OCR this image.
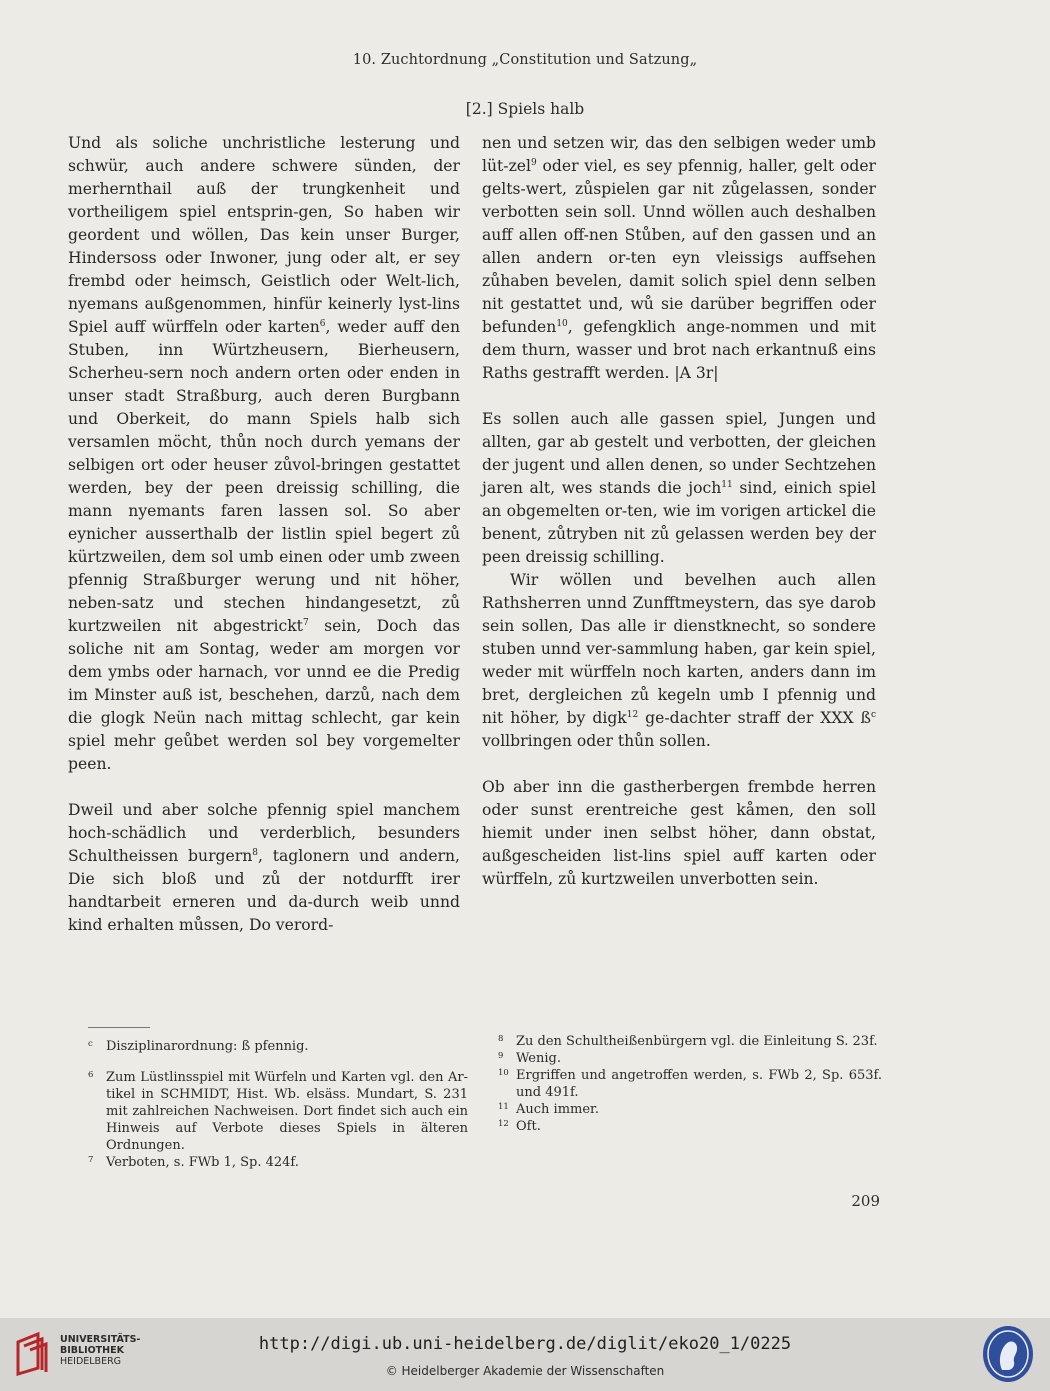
10. Zuchtordnung „Constitution und Satzung„
[2.] Spiels halb

Und als soliche unchristliche lesterung und schwür, auch andere schwere sünden, der merhernthail auß der trungkenheit und vortheiligem spiel entsprin-gen, So haben wir geordent und wöllen, Das kein unser Burger, Hindersoss oder Inwoner, jung oder alt, er sey frembd oder heimsch, Geistlich oder Welt-lich, nyemans außgenommen, hinfür keinerly lyst-lins Spiel auff würffeln oder karten$^6$, weder auff den Stuben, inn Würtzheusern, Bierheusern, Scherheu-sern noch andern orten oder enden in unser stadt Straßburg, auch deren Burgbann und Oberkeit, do mann Spiels halb sich versamlen möcht, thůn noch durch yemans der selbigen ort oder heuser zůvol-bringen gestattet werden, bey der peen dreissig schilling, die mann nyemants faren lassen sol. So aber eynicher ausserthalb der listlin spiel begert zů kürtzweilen, dem sol umb einen oder umb zween pfennig Straßburger werung und nit höher, neben-satz und stechen hindangesetzt, zů kurtzweilen nit abgestrickt$^7$ sein, Doch das soliche nit am Sontag, weder am morgen vor dem ymbs oder harnach, vor unnd ee die Predig im Minster auß ist, beschehen, darzů, nach dem die glogk Neün nach mittag schlecht, gar kein spiel mehr geůbet werden sol bey vorgemelter peen.

Dweil und aber solche pfennig spiel manchem hoch-schädlich und verderblich, besunders Schultheissen burgern$^8$, taglonern und andern, Die sich bloß und zů der notdurfft irer handtarbeit erneren und da-durch weib unnd kind erhalten můssen, Do verord-

nen und setzen wir, das den selbigen weder umb lüt-zel$^9$ oder viel, es sey pfennig, haller, gelt oder gelts-wert, zůspielen gar nit zůgelassen, sonder verbotten sein soll. Unnd wöllen auch deshalben auff allen off-nen Stůben, auf den gassen und an allen andern or-ten eyn vleissigs auffsehen zůhaben bevelen, damit solich spiel denn selben nit gestattet und, wů sie darüber begriffen oder befunden$^{10}$, gefengklich ange-nommen und mit dem thurn, wasser und brot nach erkantnuß eins Raths gestrafft werden. |A 3r|

Es sollen auch alle gassen spiel, Jungen und allten, gar ab gestelt und verbotten, der gleichen der jugent und allen denen, so under Sechtzehen jaren alt, wes stands die joch$^{11}$ sind, einich spiel an obgemelten or-ten, wie im vorigen artickel die benent, zůtryben nit zů gelassen werden bey der peen dreissig schilling.

Wir wöllen und bevelhen auch allen Rathsherren unnd Zunfftmeystern, das sye darob sein sollen, Das alle ir dienstknecht, so sondere stuben unnd ver-sammlung haben, gar kein spiel, weder mit würffeln noch karten, anders dann im bret, dergleichen zů kegeln umb I pfennig und nit höher, by digk$^{12}$ ge-dachter straff der XXX ß$^c$ vollbringen oder thůn sollen.

Ob aber inn die gastherbergen frembde herren oder sunst erentreiche gest kåmen, den soll hiemit under inen selbst höher, dann obstat, außgescheiden list-lins spiel auff karten oder würffeln, zů kurtzweilen unverbotten sein.

c Disziplinarordnung: ß pfennig.
6 Zum Lüstlinsspiel mit Würfeln und Karten vgl. den Ar-tikel in SCHMIDT, Hist. Wb. elsäss. Mundart, S. 231 mit zahlreichen Nachweisen. Dort findet sich auch ein Hinweis auf Verbote dieses Spiels in älteren Ordnungen.
7 Verboten, s. FWb 1, Sp. 424f.
8 Zu den Schultheißenbürgern vgl. die Einleitung S. 23f.
9 Wenig.
10 Ergriffen und angetroffen werden, s. FWb 2, Sp. 653f. und 491f.
11 Auch immer.
12 Oft.
209
UNIVERSITÄTS-
BIBLIOTHEK
HEIDELBERG
http://digi.ub.uni-heidelberg.de/diglit/eko20_1/0225
© Heidelberger Akademie der Wissenschaften
